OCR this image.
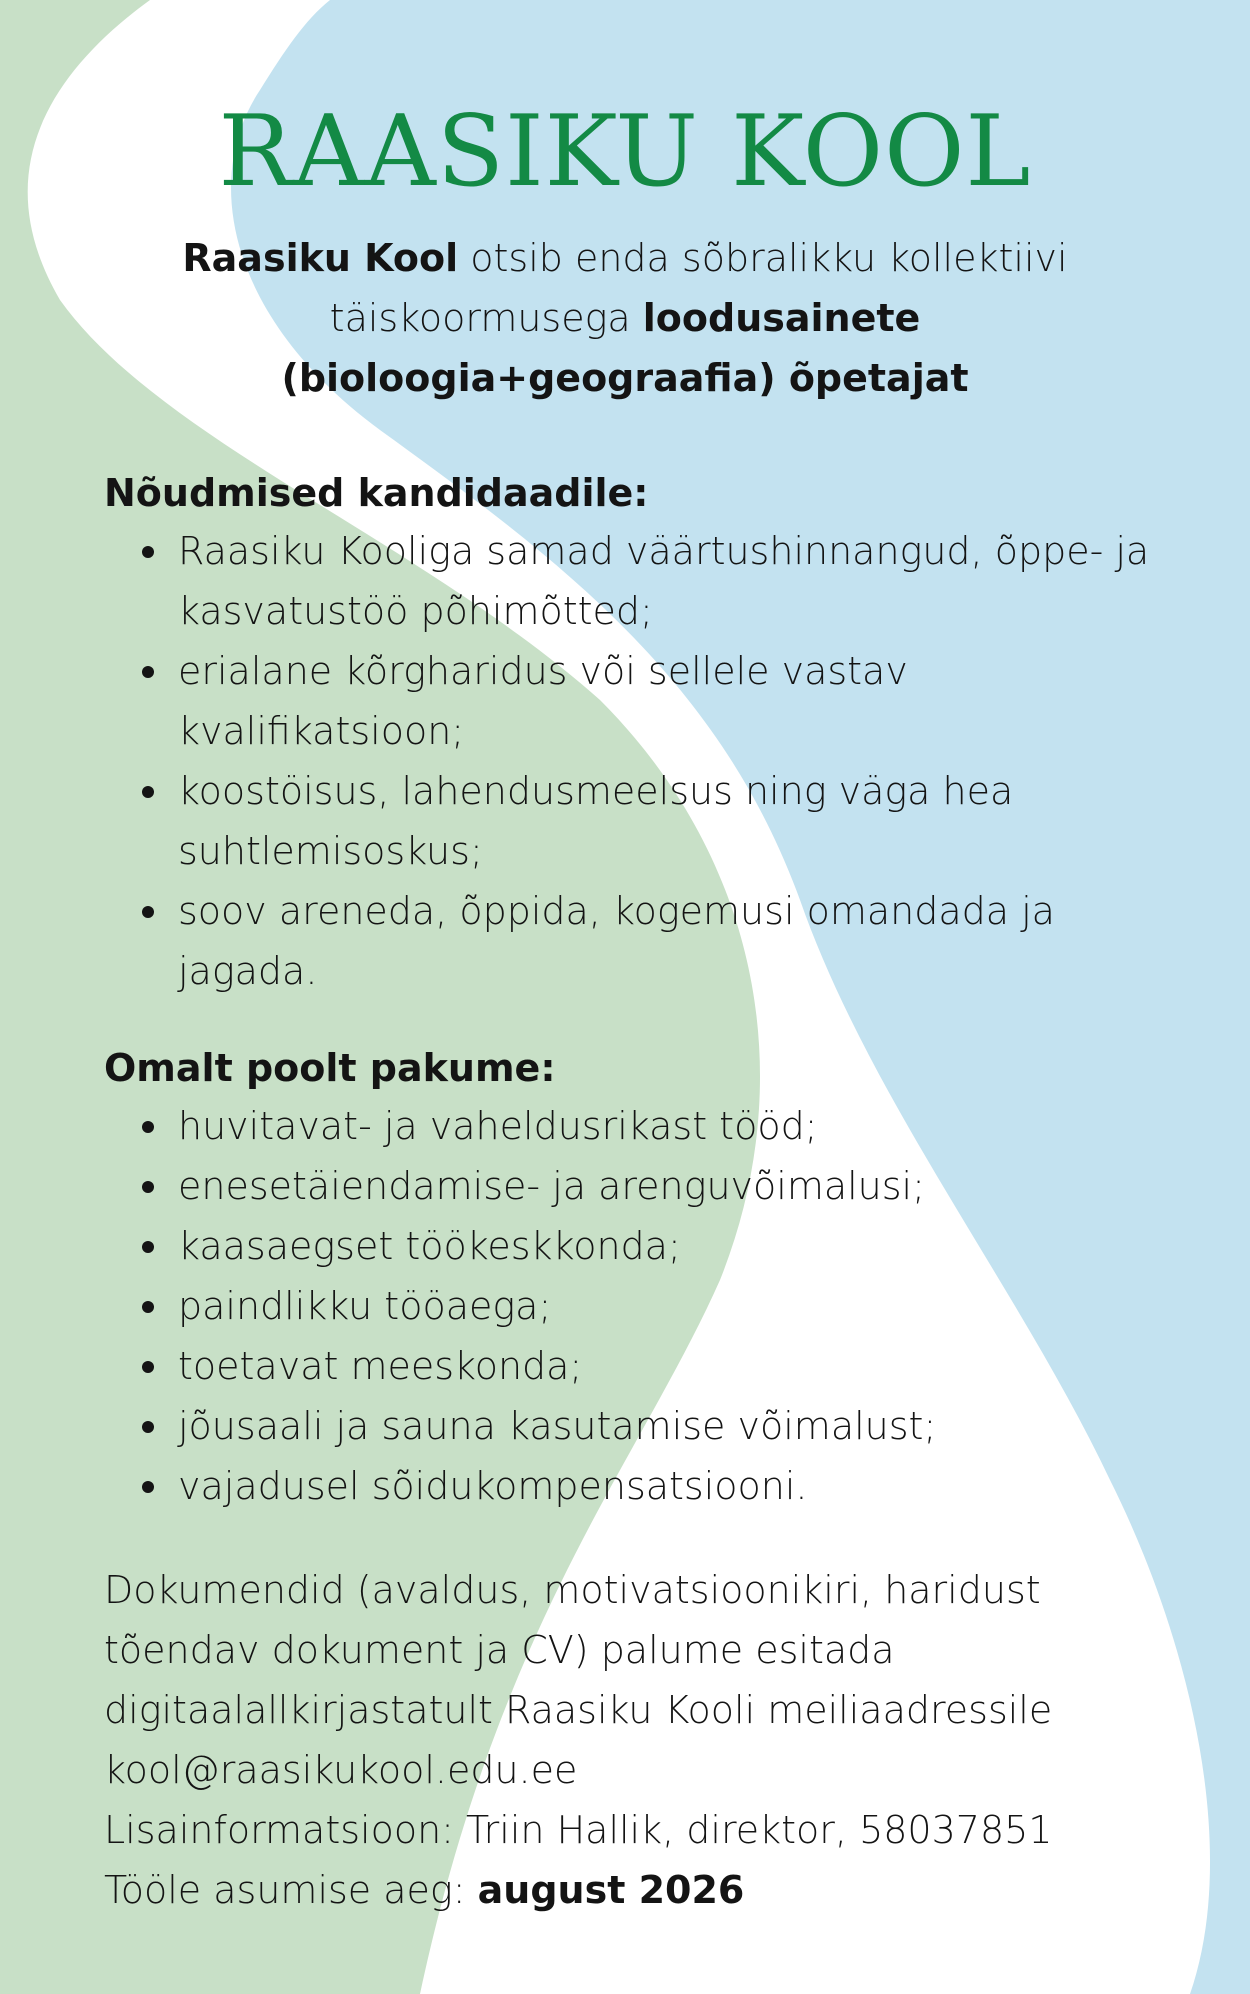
RAASIKU KOOL
Raasiku Kool otsib enda sõbralikku kollektiivi täiskoormusega loodusainete (bioloogia+geograafia) õpetajat
Nõudmised kandidaadile:
Raasiku Kooliga samad väärtushinnangud, õppe- ja kasvatustöö põhimõtted;
erialane kõrgharidus või sellele vastav kvalifikatsioon;
koostöisus, lahendusmeelsus ning väga hea suhtlemisoskus;
soov areneda, õppida, kogemusi omandada ja jagada.
Omalt poolt pakume:
huvitavat- ja vaheldusrikast tööd;
enesetäiendamise- ja arenguvõimalusi;
kaasaegset töökeskkonda;
paindlikku tööaega;
toetavat meeskonda;
jõusaali ja sauna kasutamise võimalust;
vajadusel sõidukompensatsiooni.

Dokumendid (avaldus, motivatsioonikiri, haridust tõendav dokument ja CV) palume esitada digitaalallkirjastatult Raasiku Kooli meiliaadressile

kool@raasikukool.edu.ee

Lisainformatsioon: Triin Hallik, direktor, 58037851

Tööle asumise aeg: august 2026
